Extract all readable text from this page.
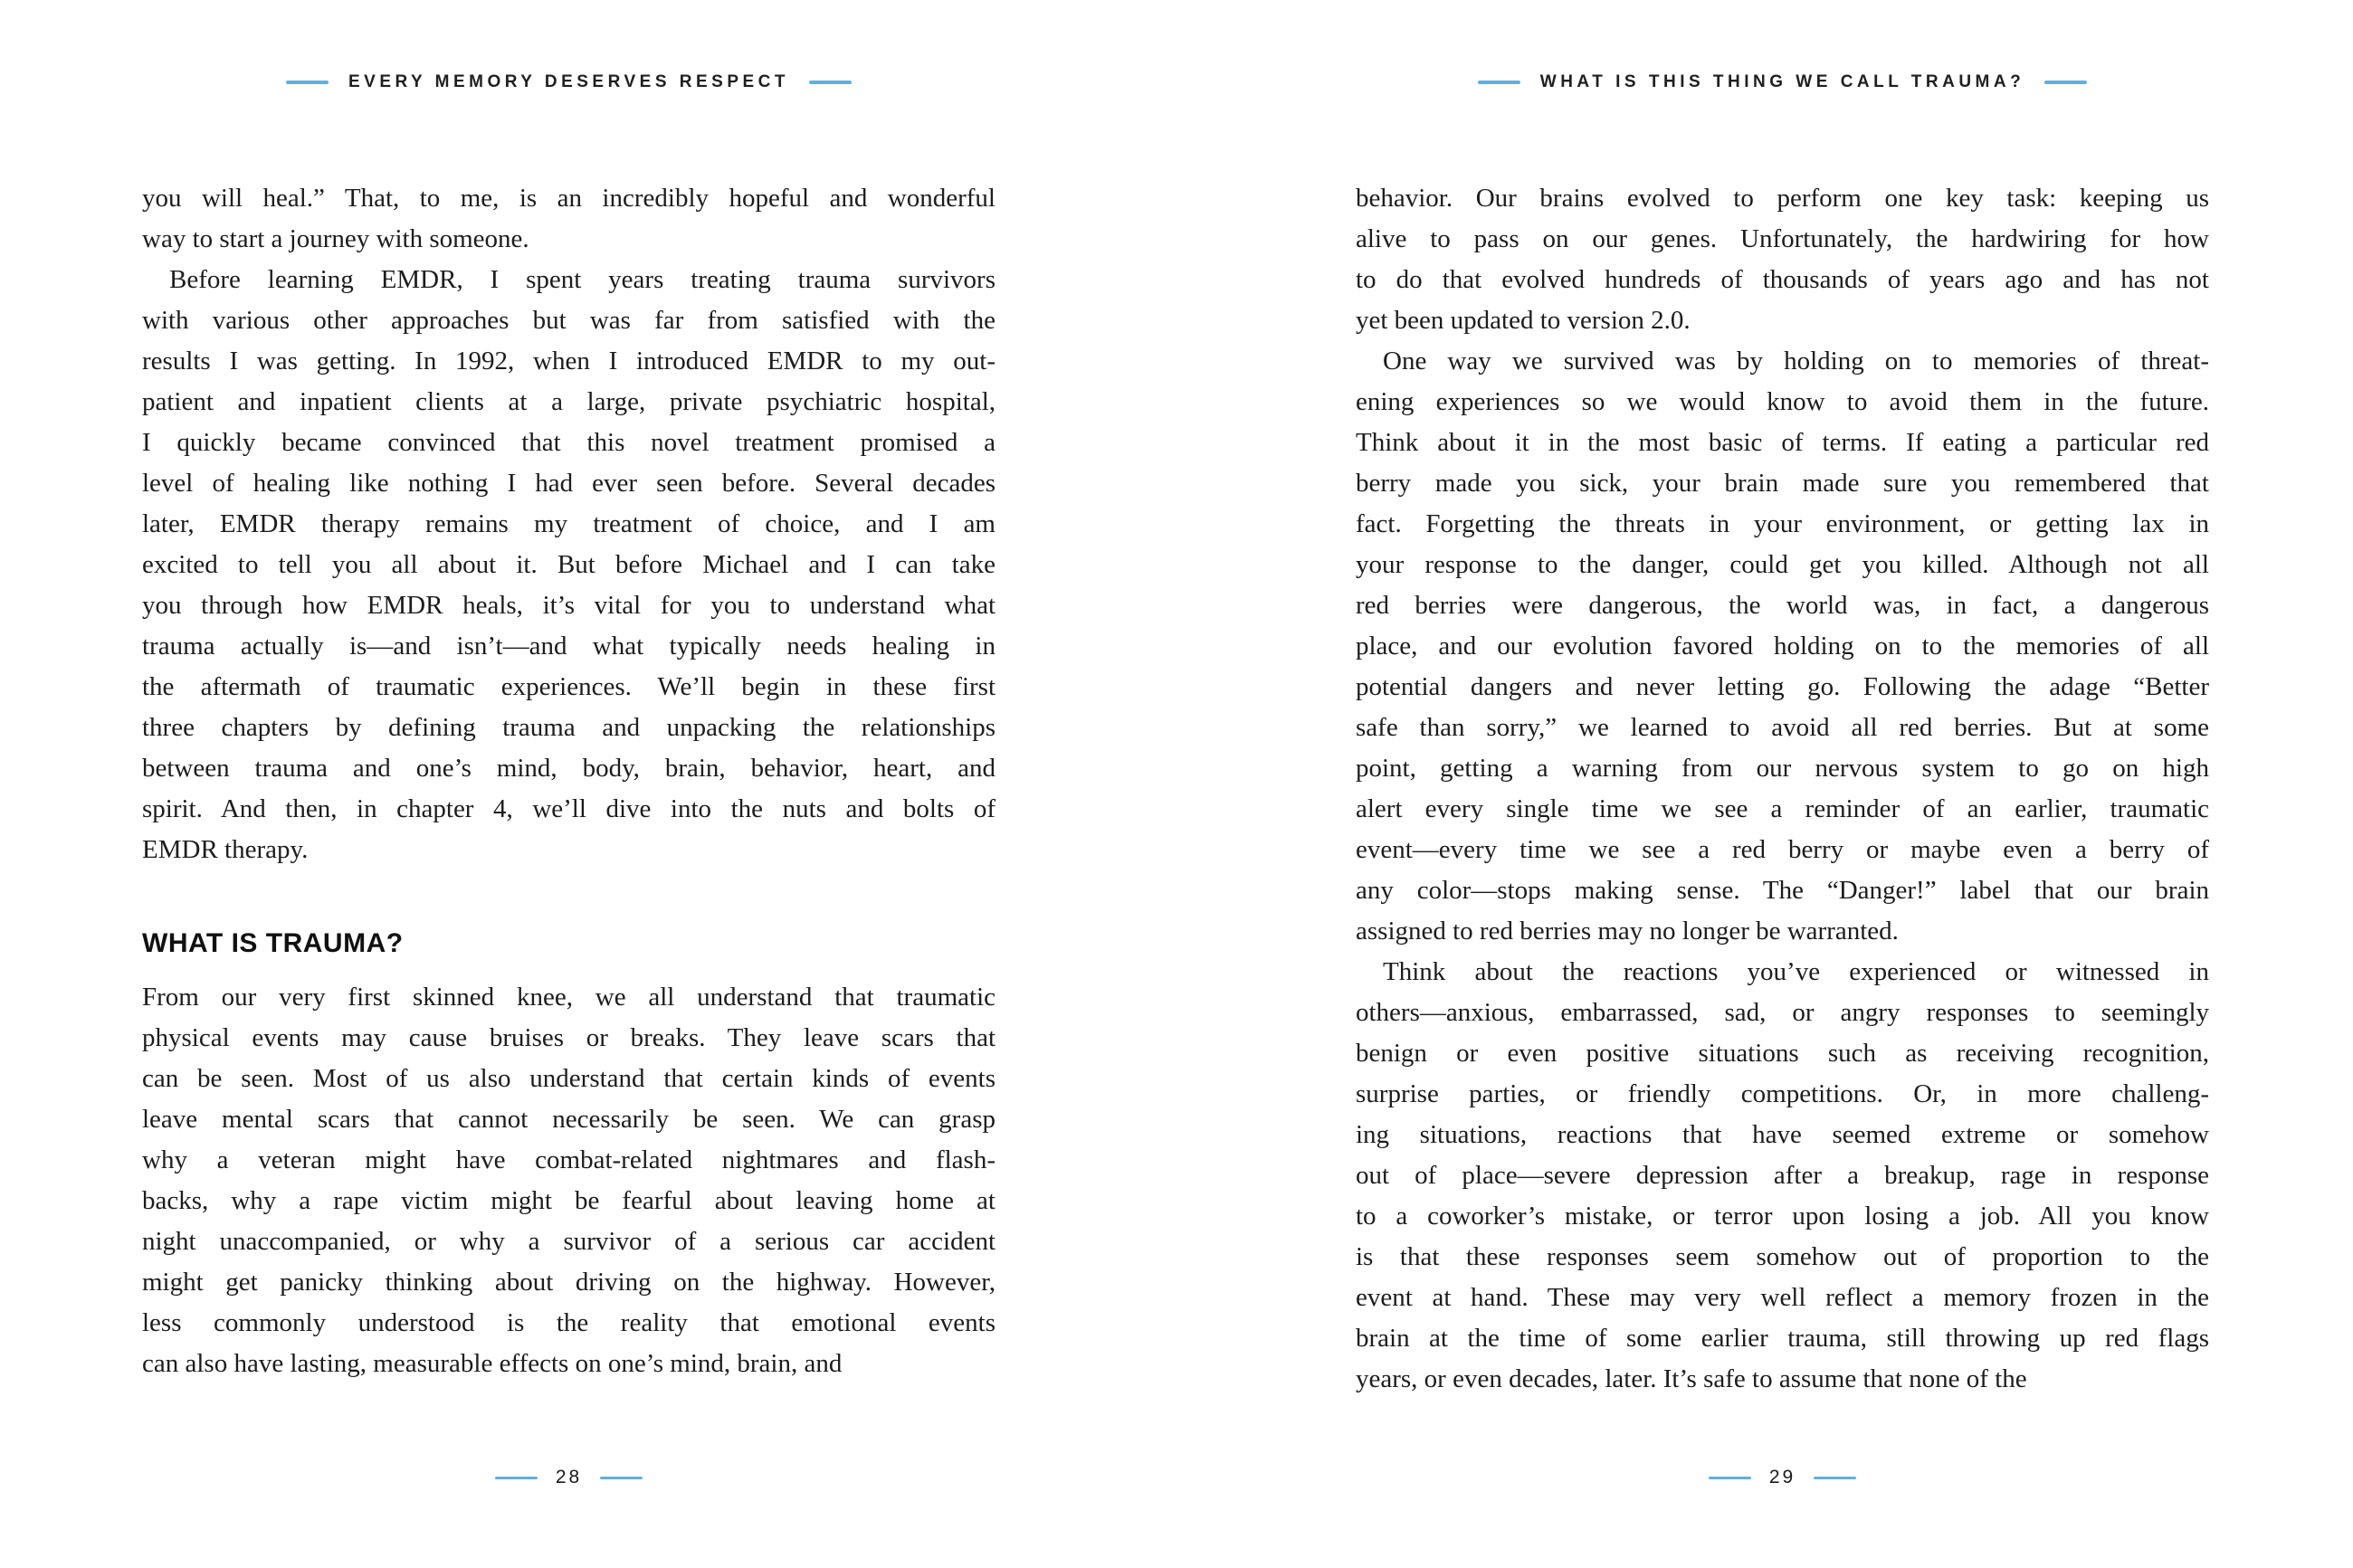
EVERY MEMORY DESERVES RESPECT
you will heal.” That, to me, is an incredibly hopeful and wonderful
way to start a journey with someone.
Before learning EMDR, I spent years treating trauma survivors
with various other approaches but was far from satisfied with the
results I was getting. In 1992, when I introduced EMDR to my out-
patient and inpatient clients at a large, private psychiatric hospital,
I quickly became convinced that this novel treatment promised a
level of healing like nothing I had ever seen before. Several decades
later, EMDR therapy remains my treatment of choice, and I am
excited to tell you all about it. But before Michael and I can take
you through how EMDR heals, it’s vital for you to understand what
trauma actually is—and isn’t—and what typically needs healing in
the aftermath of traumatic experiences. We’ll begin in these first
three chapters by defining trauma and unpacking the relationships
between trauma and one’s mind, body, brain, behavior, heart, and
spirit. And then, in chapter 4, we’ll dive into the nuts and bolts of
EMDR therapy.
WHAT IS TRAUMA?
From our very first skinned knee, we all understand that traumatic
physical events may cause bruises or breaks. They leave scars that
can be seen. Most of us also understand that certain kinds of events
leave mental scars that cannot necessarily be seen. We can grasp
why a veteran might have combat-related nightmares and flash-
backs, why a rape victim might be fearful about leaving home at
night unaccompanied, or why a survivor of a serious car accident
might get panicky thinking about driving on the highway. However,
less commonly understood is the reality that emotional events
can also have lasting, measurable effects on one’s mind, brain, and
28
WHAT IS THIS THING WE CALL TRAUMA?
behavior. Our brains evolved to perform one key task: keeping us
alive to pass on our genes. Unfortunately, the hardwiring for how
to do that evolved hundreds of thousands of years ago and has not
yet been updated to version 2.0.
One way we survived was by holding on to memories of threat-
ening experiences so we would know to avoid them in the future.
Think about it in the most basic of terms. If eating a particular red
berry made you sick, your brain made sure you remembered that
fact. Forgetting the threats in your environment, or getting lax in
your response to the danger, could get you killed. Although not all
red berries were dangerous, the world was, in fact, a dangerous
place, and our evolution favored holding on to the memories of all
potential dangers and never letting go. Following the adage “Better
safe than sorry,” we learned to avoid all red berries. But at some
point, getting a warning from our nervous system to go on high
alert every single time we see a reminder of an earlier, traumatic
event—every time we see a red berry or maybe even a berry of
any color—stops making sense. The “Danger!” label that our brain
assigned to red berries may no longer be warranted.
Think about the reactions you’ve experienced or witnessed in
others—anxious, embarrassed, sad, or angry responses to seemingly
benign or even positive situations such as receiving recognition,
surprise parties, or friendly competitions. Or, in more challeng-
ing situations, reactions that have seemed extreme or somehow
out of place—severe depression after a breakup, rage in response
to a coworker’s mistake, or terror upon losing a job. All you know
is that these responses seem somehow out of proportion to the
event at hand. These may very well reflect a memory frozen in the
brain at the time of some earlier trauma, still throwing up red flags
years, or even decades, later. It’s safe to assume that none of the
29
